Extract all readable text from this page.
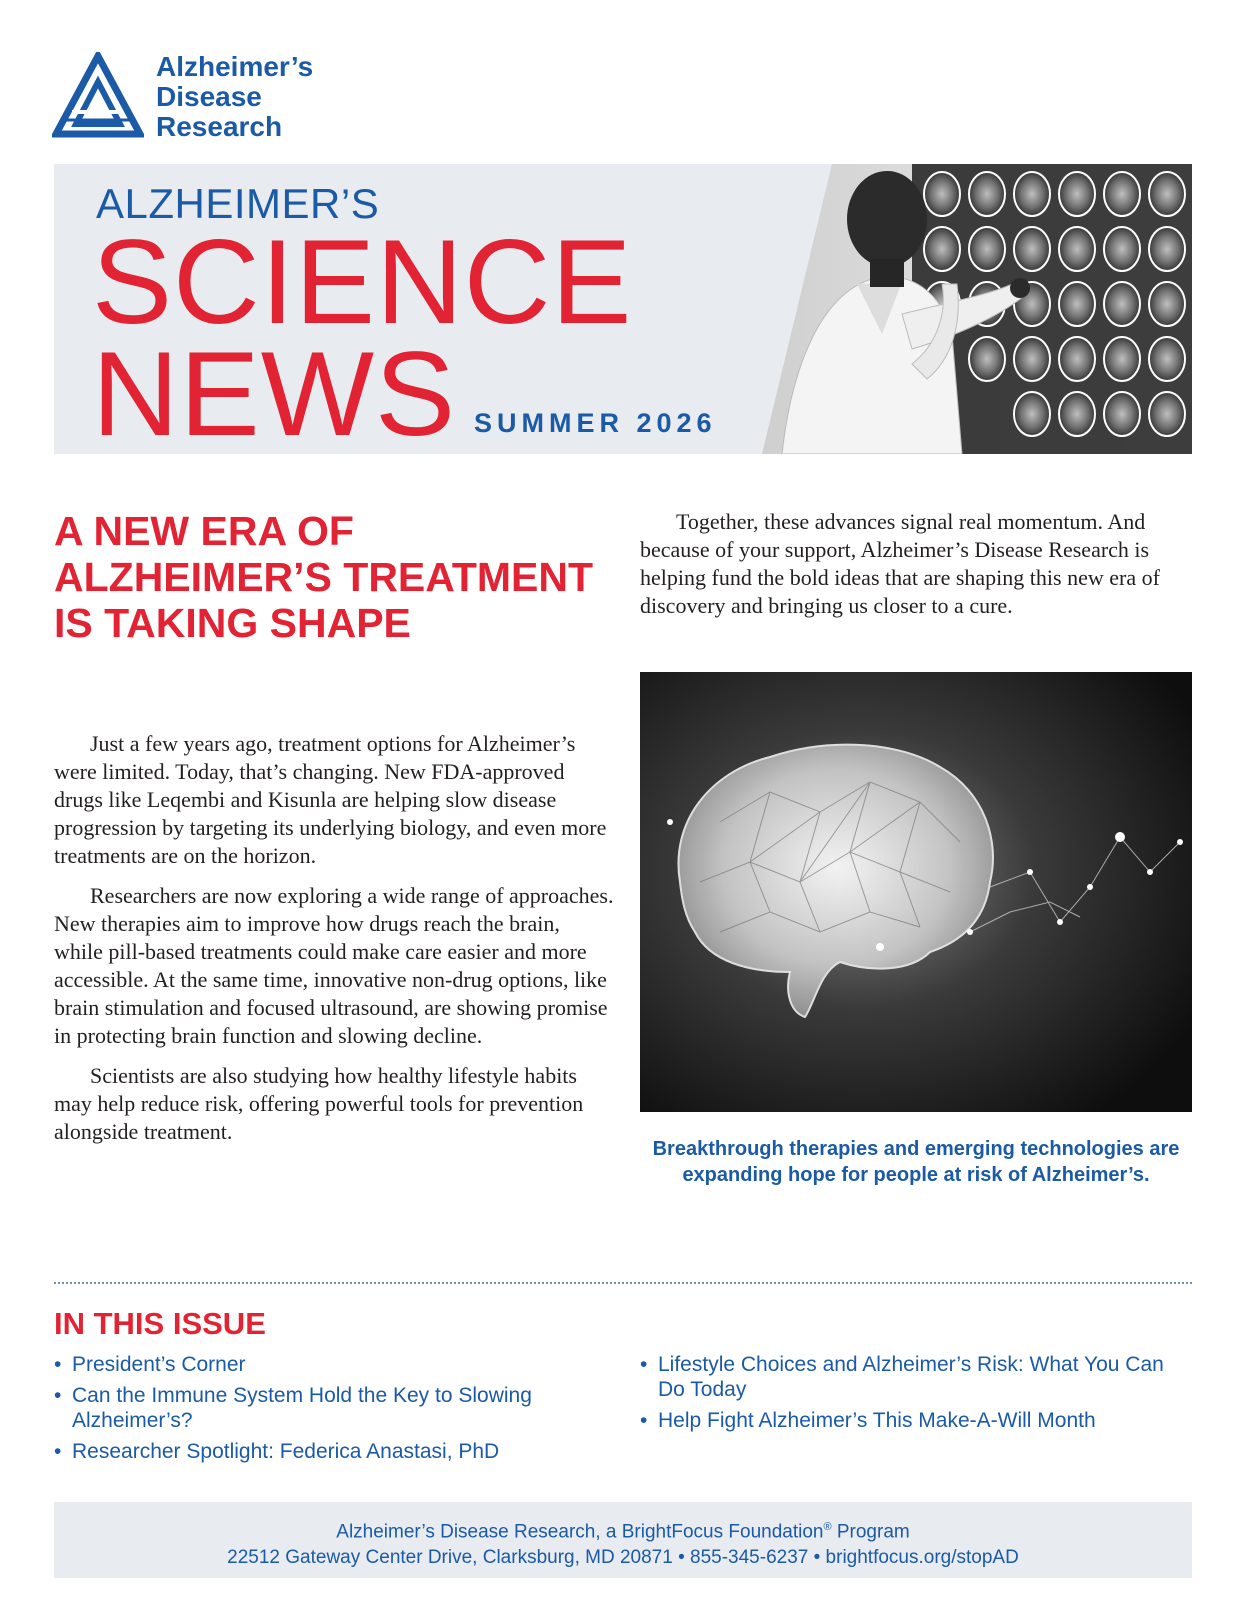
Alzheimer’s
Disease
Research
ALZHEIMER’S
SCIENCE
NEWS SUMMER 2026
A NEW ERA OF ALZHEIMER’S TREATMENT IS TAKING SHAPE

Just a few years ago, treatment options for Alzheimer’s were limited. Today, that’s changing. New FDA-approved drugs like Leqembi and Kisunla are helping slow disease progression by targeting its underlying biology, and even more treatments are on the horizon.

Researchers are now exploring a wide range of approaches. New therapies aim to improve how drugs reach the brain, while pill-based treatments could make care easier and more accessible. At the same time, innovative non-drug options, like brain stimulation and focused ultrasound, are showing promise in protecting brain function and slowing decline.

Scientists are also studying how healthy lifestyle habits may help reduce risk, offering powerful tools for prevention alongside treatment.

Together, these advances signal real momentum. And because of your support, Alzheimer’s Disease Research is helping fund the bold ideas that are shaping this new era of discovery and bringing us closer to a cure.

Breakthrough therapies and emerging technologies are expanding hope for people at risk of Alzheimer’s.
IN THIS ISSUE
• President’s Corner
• Can the Immune System Hold the Key to Slowing Alzheimer’s?
• Researcher Spotlight: Federica Anastasi, PhD
• Lifestyle Choices and Alzheimer’s Risk: What You Can Do Today
• Help Fight Alzheimer’s This Make-A-Will Month
Alzheimer’s Disease Research, a BrightFocus Foundation® Program
22512 Gateway Center Drive, Clarksburg, MD 20871 • 855-345-6237 • brightfocus.org/stopAD
